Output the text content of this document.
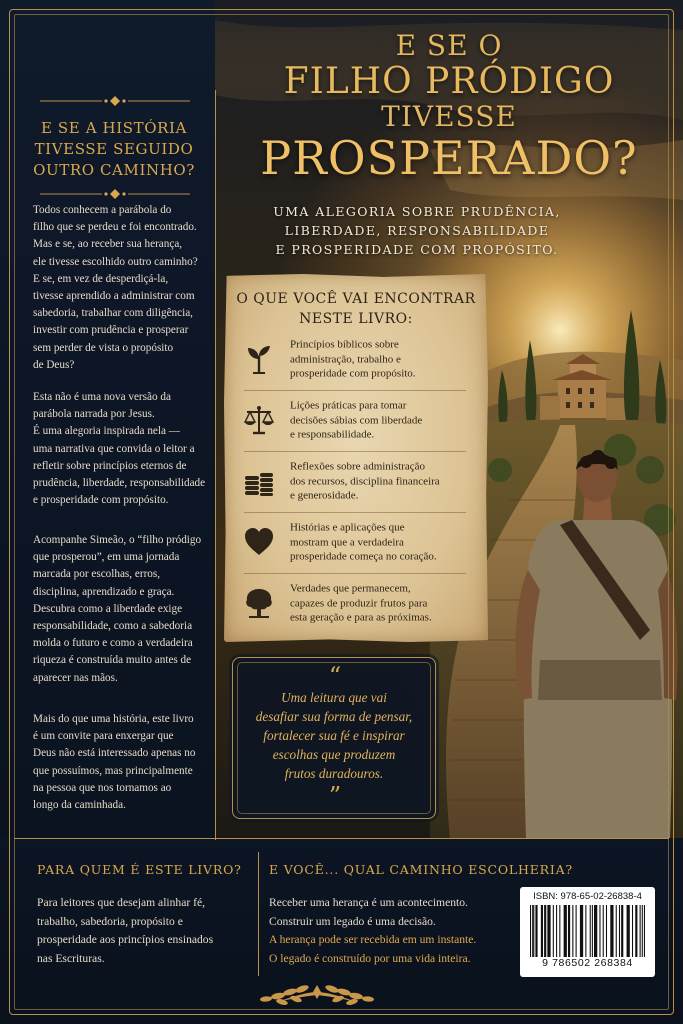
E SE A HISTÓRIA
TIVESSE SEGUIDO
OUTRO CAMINHO?
Todos conhecem a parábola do
filho que se perdeu e foi encontrado.
Mas e se, ao receber sua herança,
ele tivesse escolhido outro caminho?
E se, em vez de desperdiçá-la,
tivesse aprendido a administrar com
sabedoria, trabalhar com diligência,
investir com prudência e prosperar
sem perder de vista o propósito
de Deus?
Esta não é uma nova versão da
parábola narrada por Jesus.
É uma alegoria inspirada nela —
uma narrativa que convida o leitor a
refletir sobre princípios eternos de
prudência, liberdade, responsabilidade
e prosperidade com propósito.
Acompanhe Simeão, o “filho pródigo
que prosperou”, em uma jornada
marcada por escolhas, erros,
disciplina, aprendizado e graça.
Descubra como a liberdade exige
responsabilidade, como a sabedoria
molda o futuro e como a verdadeira
riqueza é construída muito antes de
aparecer nas mãos.
Mais do que uma história, este livro
é um convite para enxergar que
Deus não está interessado apenas no
que possuímos, mas principalmente
na pessoa que nos tornamos ao
longo da caminhada.
E SE O
FILHO PRÓDIGO
TIVESSE
PROSPERADO?
UMA ALEGORIA SOBRE PRUDÊNCIA,
LIBERDADE, RESPONSABILIDADE
E PROSPERIDADE COM PROPÓSITO.
O QUE VOCÊ VAI ENCONTRAR
NESTE LIVRO:
Princípios bíblicos sobre
administração, trabalho e
prosperidade com propósito.
Lições práticas para tomar
decisões sábias com liberdade
e responsabilidade.
Reflexões sobre administração
dos recursos, disciplina financeira
e generosidade.
Histórias e aplicações que
mostram que a verdadeira
prosperidade começa no coração.
Verdades que permanecem,
capazes de produzir frutos para
esta geração e para as próximas.
“
”
Uma leitura que vai
desafiar sua forma de pensar,
fortalecer sua fé e inspirar
escolhas que produzem
frutos duradouros.
PARA QUEM É ESTE LIVRO?
Para leitores que desejam alinhar fé,
trabalho, sabedoria, propósito e
prosperidade aos princípios ensinados
nas Escrituras.
E VOCÊ... QUAL CAMINHO ESCOLHERIA?
Receber uma herança é um acontecimento.
Construir um legado é uma decisão.
A herança pode ser recebida em um instante.
O legado é construído por uma vida inteira.
ISBN: 978-65-02-26838-4
9 786502 268384
